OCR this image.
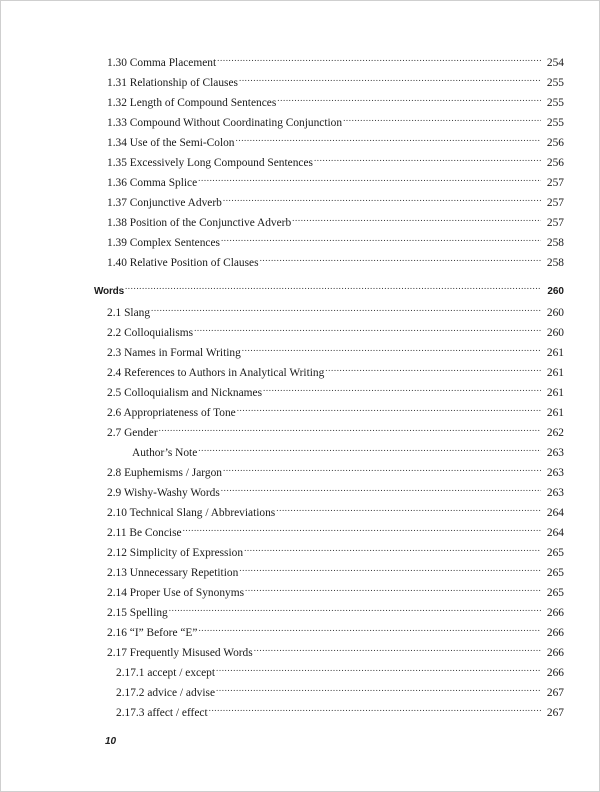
1.30 Comma Placement .....	254
1.31 Relationship of Clauses .....	255
1.32 Length of Compound Sentences .....	255
1.33 Compound Without Coordinating Conjunction .....	255
1.34 Use of the Semi-Colon .....	256
1.35 Excessively Long Compound Sentences .....	256
1.36 Comma Splice .....	257
1.37 Conjunctive Adverb .....	257
1.38 Position of the Conjunctive Adverb .....	257
1.39 Complex Sentences .....	258
1.40 Relative Position of Clauses .....	258
Words .....	260
2.1 Slang .....	260
2.2 Colloquialisms .....	260
2.3 Names in Formal Writing .....	261
2.4 References to Authors in Analytical Writing .....	261
2.5 Colloquialism and Nicknames .....	261
2.6 Appropriateness of Tone .....	261
2.7 Gender .....	262
Author’s Note .....	263
2.8 Euphemisms / Jargon .....	263
2.9 Wishy-Washy Words .....	263
2.10 Technical Slang / Abbreviations .....	264
2.11 Be Concise .....	264
2.12 Simplicity of Expression .....	265
2.13 Unnecessary Repetition .....	265
2.14 Proper Use of Synonyms .....	265
2.15 Spelling .....	266
2.16 “I” Before “E” .....	266
2.17 Frequently Misused Words .....	266
2.17.1 accept / except .....	266
2.17.2 advice / advise .....	267
2.17.3 affect / effect .....	267
10
